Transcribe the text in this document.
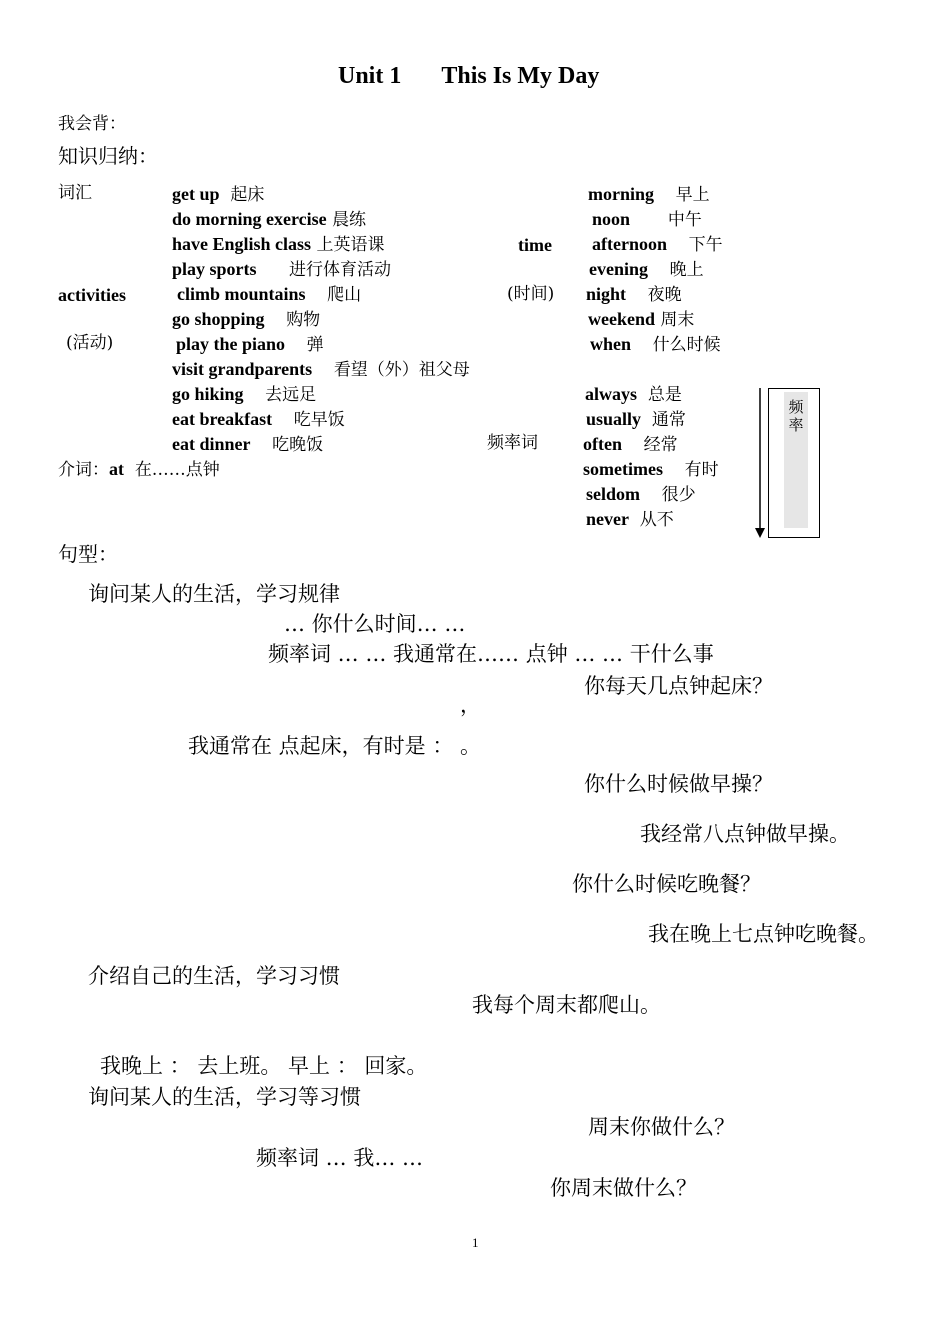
Unit 1 This Is My Day
我会背：
知识归纳：
词汇
activities
(活动)
get up 起床
do morning exercise 晨练
have English class 上英语课
play sports 进行体育活动
climb mountains 爬山
go shopping 购物
play the piano 弹
visit grandparents 看望（外）祖父母
go hiking 去远足
eat breakfast 吃早饭
eat dinner 吃晚饭
time
(时间)
morning 早上
noon 中午
afternoon 下午
evening 晚上
night 夜晚
weekend 周末
when 什么时候
频率词
always 总是
usually 通常
often 经常
sometimes 有时
seldom 很少
never 从不
频率
介词：at 在……点钟
句型：
询问某人的生活，学习规律
… 你什么时间… …
频率词 … … 我通常在…… 点钟 … … 干什么事
你每天几点钟起床？
，
我通常在 点起床，有时是 ： 。
你什么时候做早操？
我经常八点钟做早操。
你什么时候吃晚餐？
我在晚上七点钟吃晚餐。
介绍自己的生活，学习习惯
我每个周末都爬山。
我晚上 ： 去上班。 早上 ： 回家。
询问某人的生活，学习等习惯
周末你做什么？
频率词 … 我… …
你周末做什么？
1
